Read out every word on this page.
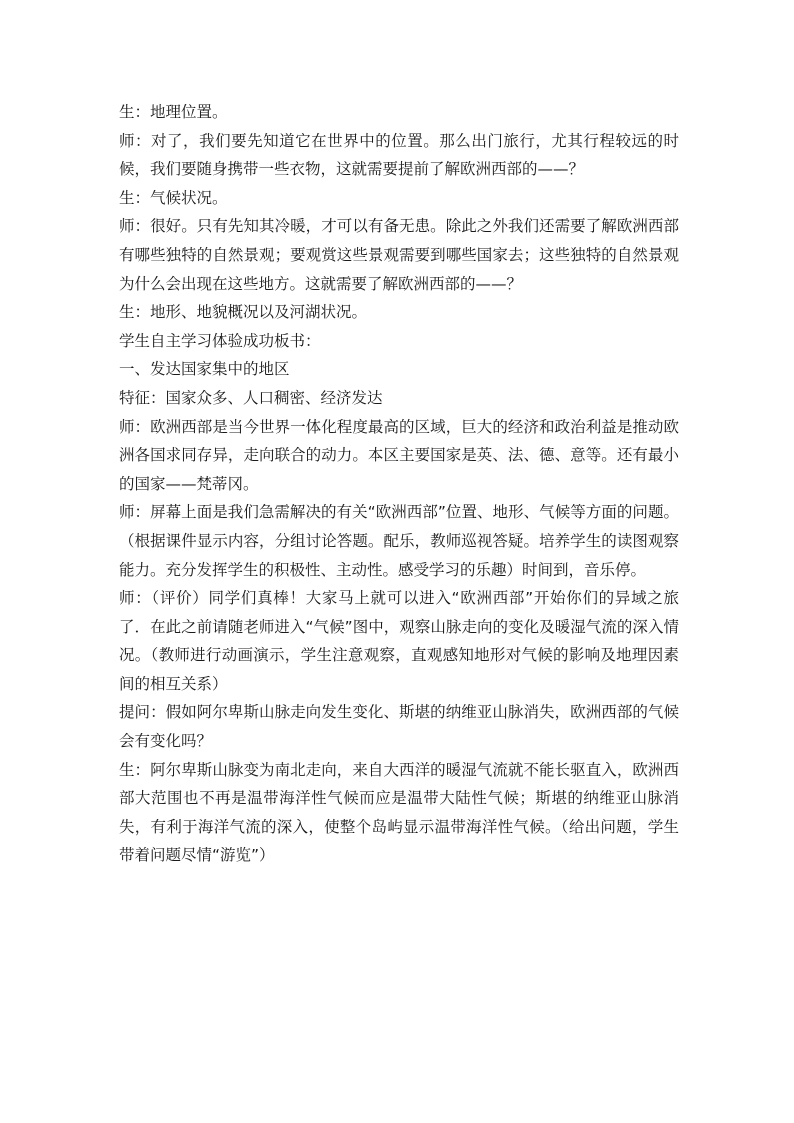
生：地理位置。

师：对了，我们要先知道它在世界中的位置。那么出门旅行，尤其行程较远的时候，我们要随身携带一些衣物，这就需要提前了解欧洲西部的——？

生：气候状况。

师：很好。只有先知其冷暖，才可以有备无患。除此之外我们还需要了解欧洲西部有哪些独特的自然景观；要观赏这些景观需要到哪些国家去；这些独特的自然景观为什么会出现在这些地方。这就需要了解欧洲西部的——？

生：地形、地貌概况以及河湖状况。

学生自主学习体验成功板书：

一、发达国家集中的地区

特征：国家众多、人口稠密、经济发达

师：欧洲西部是当今世界一体化程度最高的区域，巨大的经济和政治利益是推动欧洲各国求同存异，走向联合的动力。本区主要国家是英、法、德、意等。还有最小的国家——梵蒂冈。

师：屏幕上面是我们急需解决的有关“欧洲西部”位置、地形、气候等方面的问题。（根据课件显示内容，分组讨论答题。配乐，教师巡视答疑。培养学生的读图观察能力。充分发挥学生的积极性、主动性。感受学习的乐趣）时间到，音乐停。

师：（评价）同学们真棒！大家马上就可以进入“欧洲西部”开始你们的异域之旅了．在此之前请随老师进入“气候”图中，观察山脉走向的变化及暖湿气流的深入情况。（教师进行动画演示，学生注意观察，直观感知地形对气候的影响及地理因素间的相互关系）

提问：假如阿尔卑斯山脉走向发生变化、斯堪的纳维亚山脉消失，欧洲西部的气候会有变化吗？

生：阿尔卑斯山脉变为南北走向，来自大西洋的暖湿气流就不能长驱直入，欧洲西部大范围也不再是温带海洋性气候而应是温带大陆性气候；斯堪的纳维亚山脉消失，有利于海洋气流的深入，使整个岛屿显示温带海洋性气候。（给出问题，学生带着问题尽情“游览”）
